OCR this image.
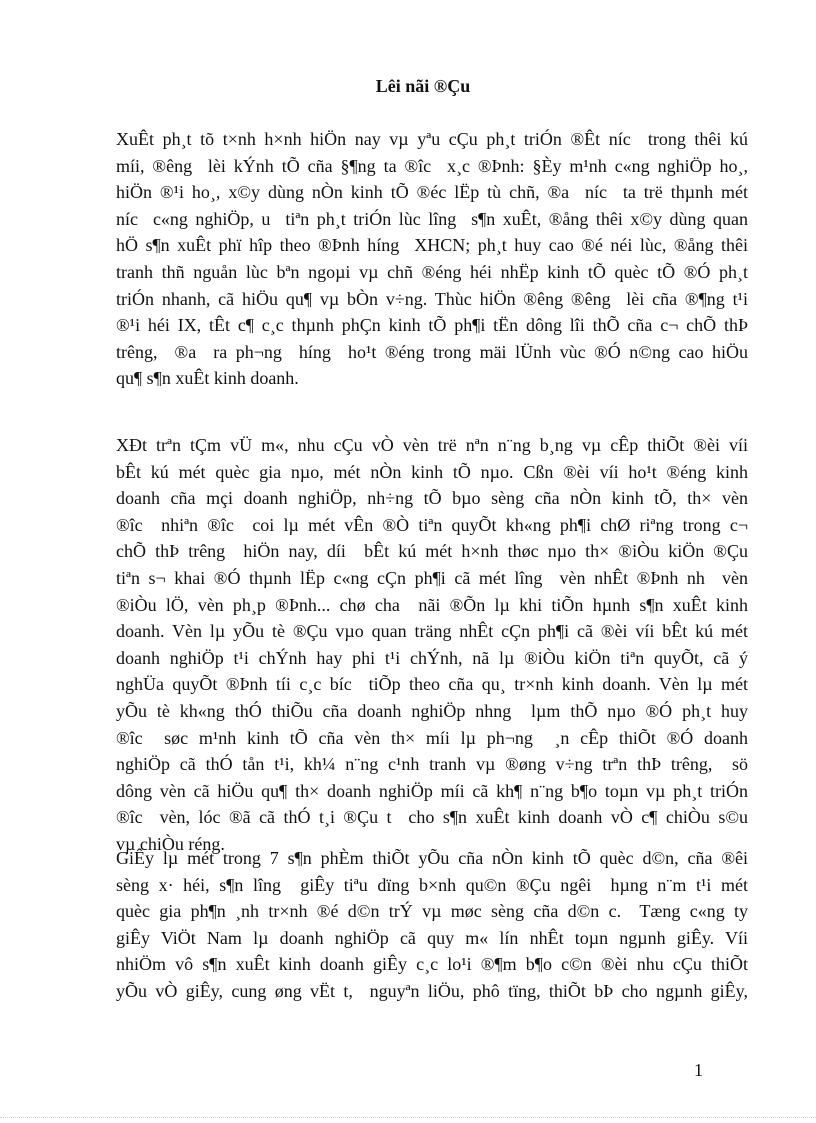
Lêi nãi ®Çu
XuÊt ph¸t tõ t×nh h×nh hiÖn nay vµ yªu cÇu ph¸t triÓn ®Êt níc  trong thêi kú
míi, ®êng  lèi kÝnh tÕ cña §¶ng ta ®îc  x¸c ®Þnh: §Èy m¹nh c«ng nghiÖp ho¸,
hiÖn ®¹i ho¸, x©y dùng nÒn kinh tÕ ®éc lËp tù chñ, ®a  níc  ta trë thµnh mét
níc  c«ng nghiÖp, u  tiªn ph¸t triÓn lùc lîng  s¶n xuÊt, ®ång thêi x©y dùng quan
hÖ s¶n xuÊt phï hîp theo ®Þnh híng  XHCN; ph¸t huy cao ®é néi lùc, ®ång thêi
tranh thñ nguån lùc bªn ngoµi vµ chñ ®éng héi nhËp kinh tÕ quèc tÕ ®Ó ph¸t
triÓn nhanh, cã hiÖu qu¶ vµ bÒn v÷ng. Thùc hiÖn ®êng ®êng  lèi cña ®¶ng t¹i
®¹i héi IX, tÊt c¶ c¸c thµnh phÇn kinh tÕ ph¶i tËn dông lîi thÕ cña c¬ chÕ thÞ
trêng,  ®a  ra ph¬ng  híng  ho¹t ®éng trong mäi lÜnh vùc ®Ó n©ng cao hiÖu
qu¶ s¶n xuÊt kinh doanh.
XÐt trªn tÇm vÜ m«, nhu cÇu vÒ vèn trë nªn n¨ng b¸ng vµ cÊp thiÕt ®èi víi
bÊt kú mét quèc gia nµo, mét nÒn kinh tÕ nµo. Cßn ®èi víi ho¹t ®éng kinh
doanh cña mçi doanh nghiÖp, nh÷ng tÕ bµo sèng cña nÒn kinh tÕ, th× vèn
®îc  nhiªn ®îc  coi lµ mét vÊn ®Ò tiªn quyÕt kh«ng ph¶i chØ riªng trong c¬
chÕ thÞ trêng  hiÖn nay, díi  bÊt kú mét h×nh thøc nµo th× ®iÒu kiÖn ®Çu
tiªn s¬ khai ®Ó thµnh lËp c«ng cÇn ph¶i cã mét lîng  vèn nhÊt ®Þnh nh  vèn
®iÒu lÖ, vèn ph¸p ®Þnh... chø cha  nãi ®Õn lµ khi tiÕn hµnh s¶n xuÊt kinh
doanh. Vèn lµ yÕu tè ®Çu vµo quan träng nhÊt cÇn ph¶i cã ®èi víi bÊt kú mét
doanh nghiÖp t¹i chÝnh hay phi t¹i chÝnh, nã lµ ®iÒu kiÖn tiªn quyÕt, cã ý
nghÜa quyÕt ®Þnh tíi c¸c bíc  tiÕp theo cña qu¸ tr×nh kinh doanh. Vèn lµ mét
yÕu tè kh«ng thÓ thiÕu cña doanh nghiÖp nhng  lµm thÕ nµo ®Ó ph¸t huy
®îc  søc m¹nh kinh tÕ cña vèn th× míi lµ ph¬ng  ¸n cÊp thiÕt ®Ó doanh
nghiÖp cã thÓ tån t¹i, kh¼ n¨ng c¹nh tranh vµ ®øng v÷ng trªn thÞ trêng,  sö
dông vèn cã hiÖu qu¶ th× doanh nghiÖp míi cã kh¶ n¨ng b¶o toµn vµ ph¸t triÓn
®îc  vèn, lóc ®ã cã thÓ t¸i ®Çu t  cho s¶n xuÊt kinh doanh vÒ c¶ chiÒu s©u
vµ chiÒu réng.
GiÊy lµ mét trong 7 s¶n phÈm thiÕt yÕu cña nÒn kinh tÕ quèc d©n, cña ®êi
sèng x· héi, s¶n lîng  giÊy tiªu dïng b×nh qu©n ®Çu ngêi  hµng n¨m t¹i mét
quèc gia ph¶n ¸nh tr×nh ®é d©n trÝ vµ møc sèng cña d©n c.  Tæng c«ng ty
giÊy ViÖt Nam lµ doanh nghiÖp cã quy m« lín nhÊt toµn ngµnh giÊy. Víi
nhiÖm vô s¶n xuÊt kinh doanh giÊy c¸c lo¹i ®¶m b¶o c©n ®èi nhu cÇu thiÕt
yÕu vÒ giÊy, cung øng vËt t,  nguyªn liÖu, phô tïng, thiÕt bÞ cho ngµnh giÊy,
1
